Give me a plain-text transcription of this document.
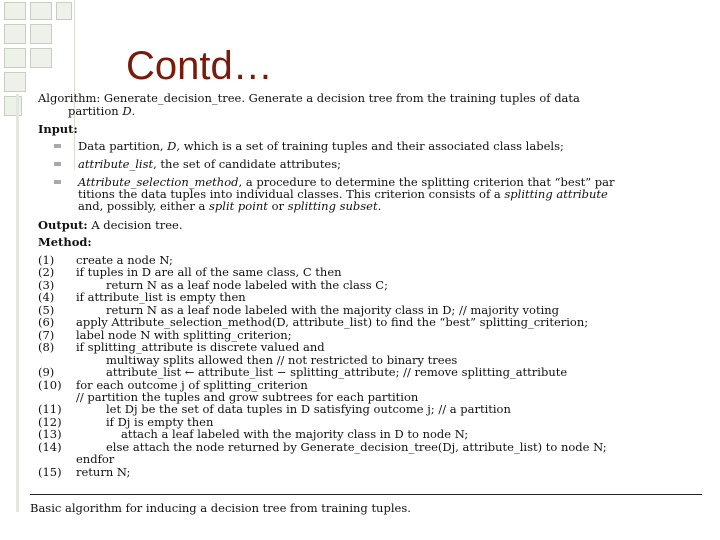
Contd…
Algorithm: Generate_decision_tree. Generate a decision tree from the training tuples of data
partition D.
Input:
Data partition, D, which is a set of training tuples and their associated class labels;
attribute_list, the set of candidate attributes;
Attribute_selection_method, a procedure to determine the splitting criterion that “best” par
titions the data tuples into individual classes. This criterion consists of a splitting attribute
and, possibly, either a split point or splitting subset.
Output: A decision tree.
Method:
(1) create a node N;
(2) if tuples in D are all of the same class, C then
(3)	return N as a leaf node labeled with the class C;
(4) if attribute_list is empty then
(5)	return N as a leaf node labeled with the majority class in D; // majority voting
(6) apply Attribute_selection_method(D, attribute_list) to find the “best” splitting_criterion;
(7) label node N with splitting_criterion;
(8) if splitting_attribute is discrete valued and
multiway splits allowed then // not restricted to binary trees
(9)	attribute_list ← attribute_list − splitting_attribute; // remove splitting_attribute
(10) for each outcome j of splitting_criterion
// partition the tuples and grow subtrees for each partition
(11)	let Dj be the set of data tuples in D satisfying outcome j; // a partition
(12)	if Dj is empty then
(13)	attach a leaf labeled with the majority class in D to node N;
(14)	else attach the node returned by Generate_decision_tree(Dj, attribute_list) to node N;
endfor
(15) return N;
Basic algorithm for inducing a decision tree from training tuples.
